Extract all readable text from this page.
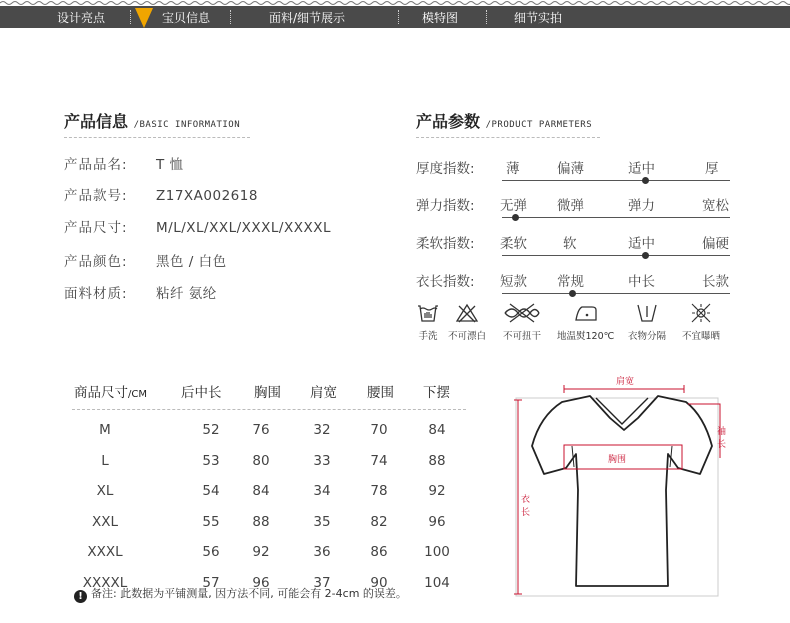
设计亮点	宝贝信息	面料/细节展示	模特图	细节实拍
产品信息 /BASIC INFORMATION
产品品名: T 恤
产品款号: Z17XA002618
产品尺寸: M/L/XL/XXL/XXXL/XXXXL
产品颜色: 黑色 / 白色
面料材质: 粘纤 氨纶
产品参数 /PRODUCT PARMETERS
厚度指数: 薄	偏薄	适中	厚
弹力指数: 无弹 微弹	弹力	宽松
柔软指数: 柔软	软	适中	偏硬
衣长指数: 短款 常规	中长	长款
手洗 不可漂白 不可扭干 地温熨120℃ 衣物分隔 不宜曝晒
商品尺寸/CM	后中长 胸围 肩宽 腰围 下摆
M	52	76	32	70	84
L	53	80	33	74	88
XL	54	84	34	78	92
XXL	55	88	35	82	96
XXXL	56	92	36	86	100
XXXXL	57	96	37	90	104
! 备注: 此数据为平铺测量, 因方法不同, 可能会有 2-4cm 的误差。
肩宽
胸围
袖
长
衣
长
